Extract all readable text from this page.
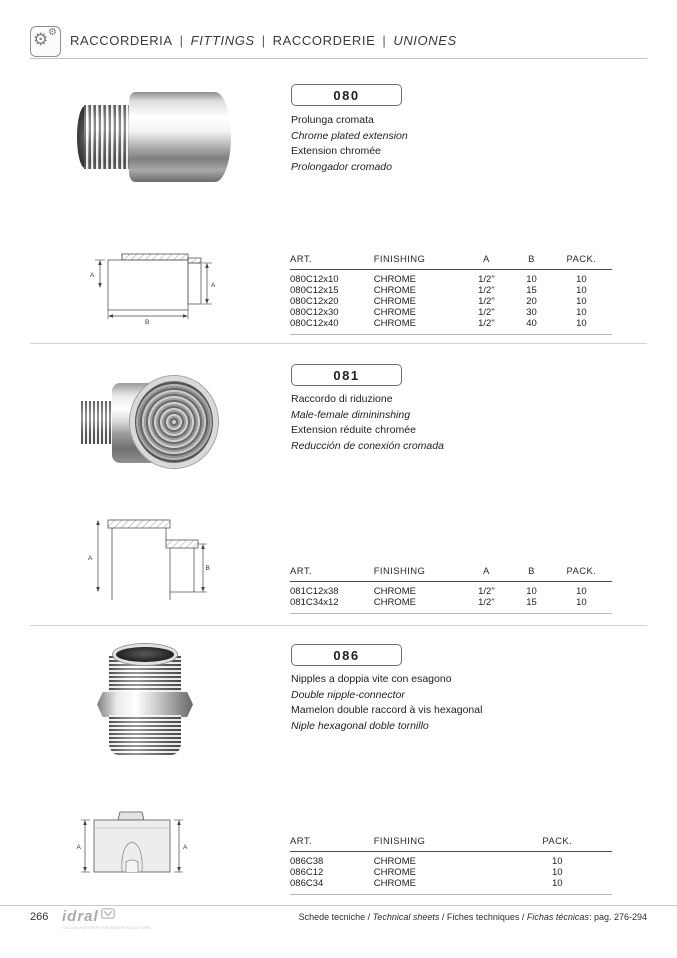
⚙ ⚙
RACCORDERIA | FITTINGS | RACCORDERIE | UNIONES
080
Prolunga cromata
Chrome plated extension
Extension chromée
Prolongador cromado
A
A
B
ART.	FINISHING	A	B	PACK.
080C12x10	CHROME	1/2"	10	10
080C12x15	CHROME	1/2"	15	10
080C12x20	CHROME	1/2"	20	10
080C12x30	CHROME	1/2"	30	10
080C12x40	CHROME	1/2"	40	10
081
Raccordo di riduzione
Male-female dimininshing
Extension réduite chromée
Reducción de conexión cromada
A
B	ART.	FINISHING	A	B	PACK.
081C12x38	CHROME	1/2"	10	10
081C34x12	CHROME	1/2"	15	10
086
Nipples a doppia vite con esagono
Double nipple-connector
Mamelon double raccord à vis hexagonal
Niple hexagonal doble tornillo
A	A
ART.	FINISHING	PACK.
086C38	CHROME	10
086C12	CHROME	10
086C34	CHROME	10
266 idral
ITALIAN PARTNER FOR WATER SOLUTIONS
Schede tecniche / Technical sheets / Fiches techniques / Fichas técnicas: pag. 276-294
